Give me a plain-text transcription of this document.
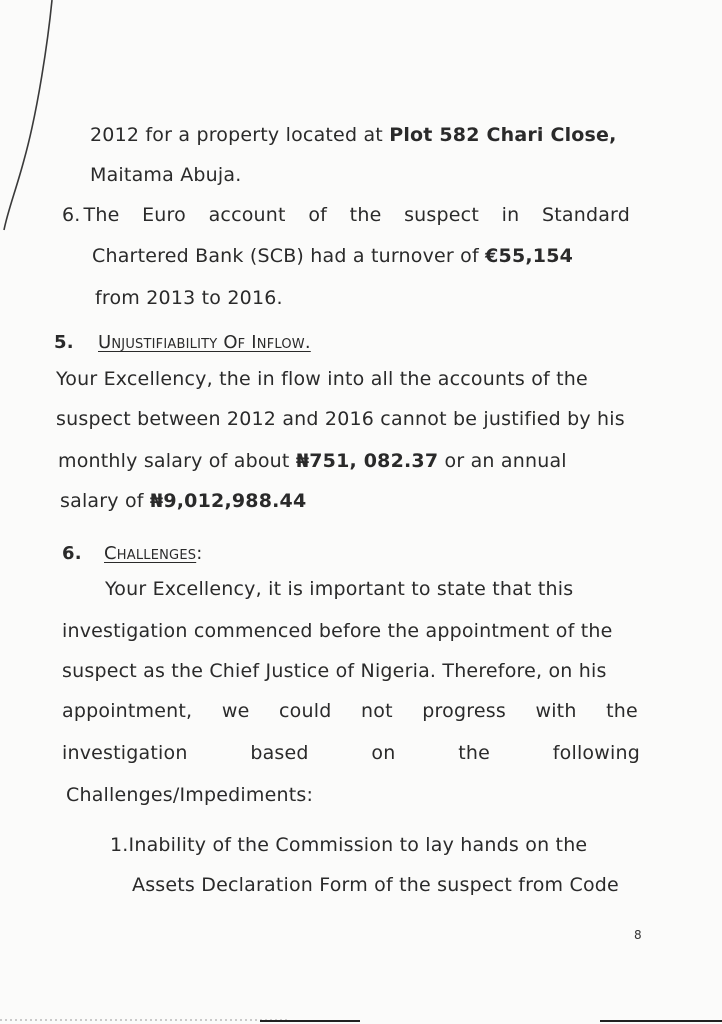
2012 for a property located at Plot 582 Chari Close,
Maitama Abuja.
6. The Euro account of the suspect in Standard
Chartered Bank (SCB) had a turnover of €55,154
from 2013 to 2016.
5. Unjustifiability Of Inflow.
Your Excellency, the in flow into all the accounts of the
suspect between 2012 and 2016 cannot be justified by his
monthly salary of about ₦751, 082.37 or an annual
salary of ₦9,012,988.44
6. Challenges:
Your Excellency, it is important to state that this
investigation commenced before the appointment of the
suspect as the Chief Justice of Nigeria. Therefore, on his
appointment, we could not progress with the
investigation	based	on	the	following
Challenges/Impediments:
1.Inability of the Commission to lay hands on the
Assets Declaration Form of the suspect from Code
8
